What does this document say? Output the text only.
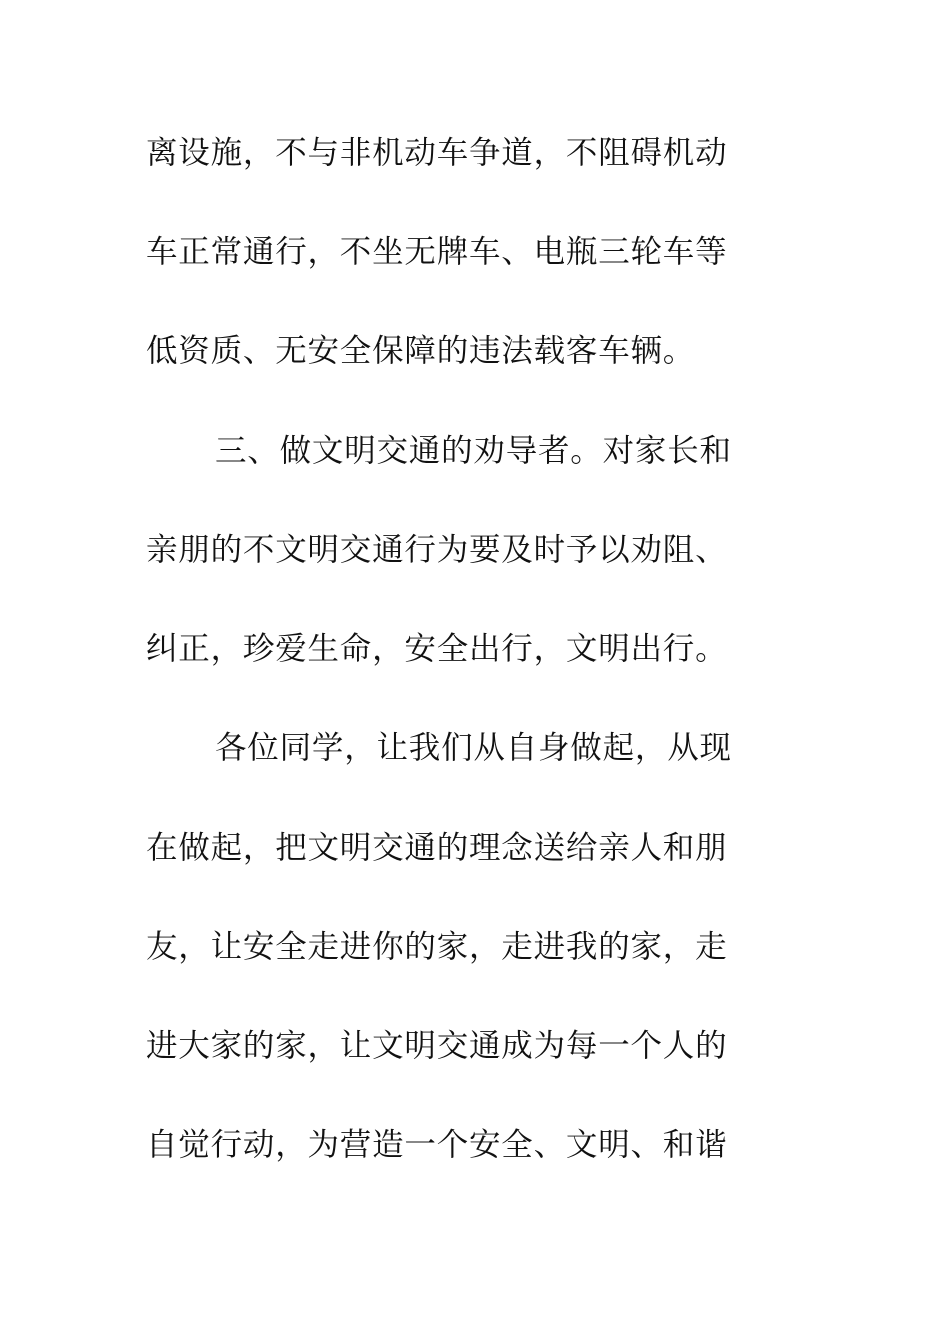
离设施，不与非机动车争道，不阻碍机动
车正常通行，不坐无牌车、电瓶三轮车等
低资质、无安全保障的违法载客车辆。
三、做文明交通的劝导者。对家长和
亲朋的不文明交通行为要及时予以劝阻、
纠正，珍爱生命，安全出行，文明出行。
各位同学，让我们从自身做起，从现
在做起，把文明交通的理念送给亲人和朋
友，让安全走进你的家，走进我的家，走
进大家的家，让文明交通成为每一个人的
自觉行动，为营造一个安全、文明、和谐
